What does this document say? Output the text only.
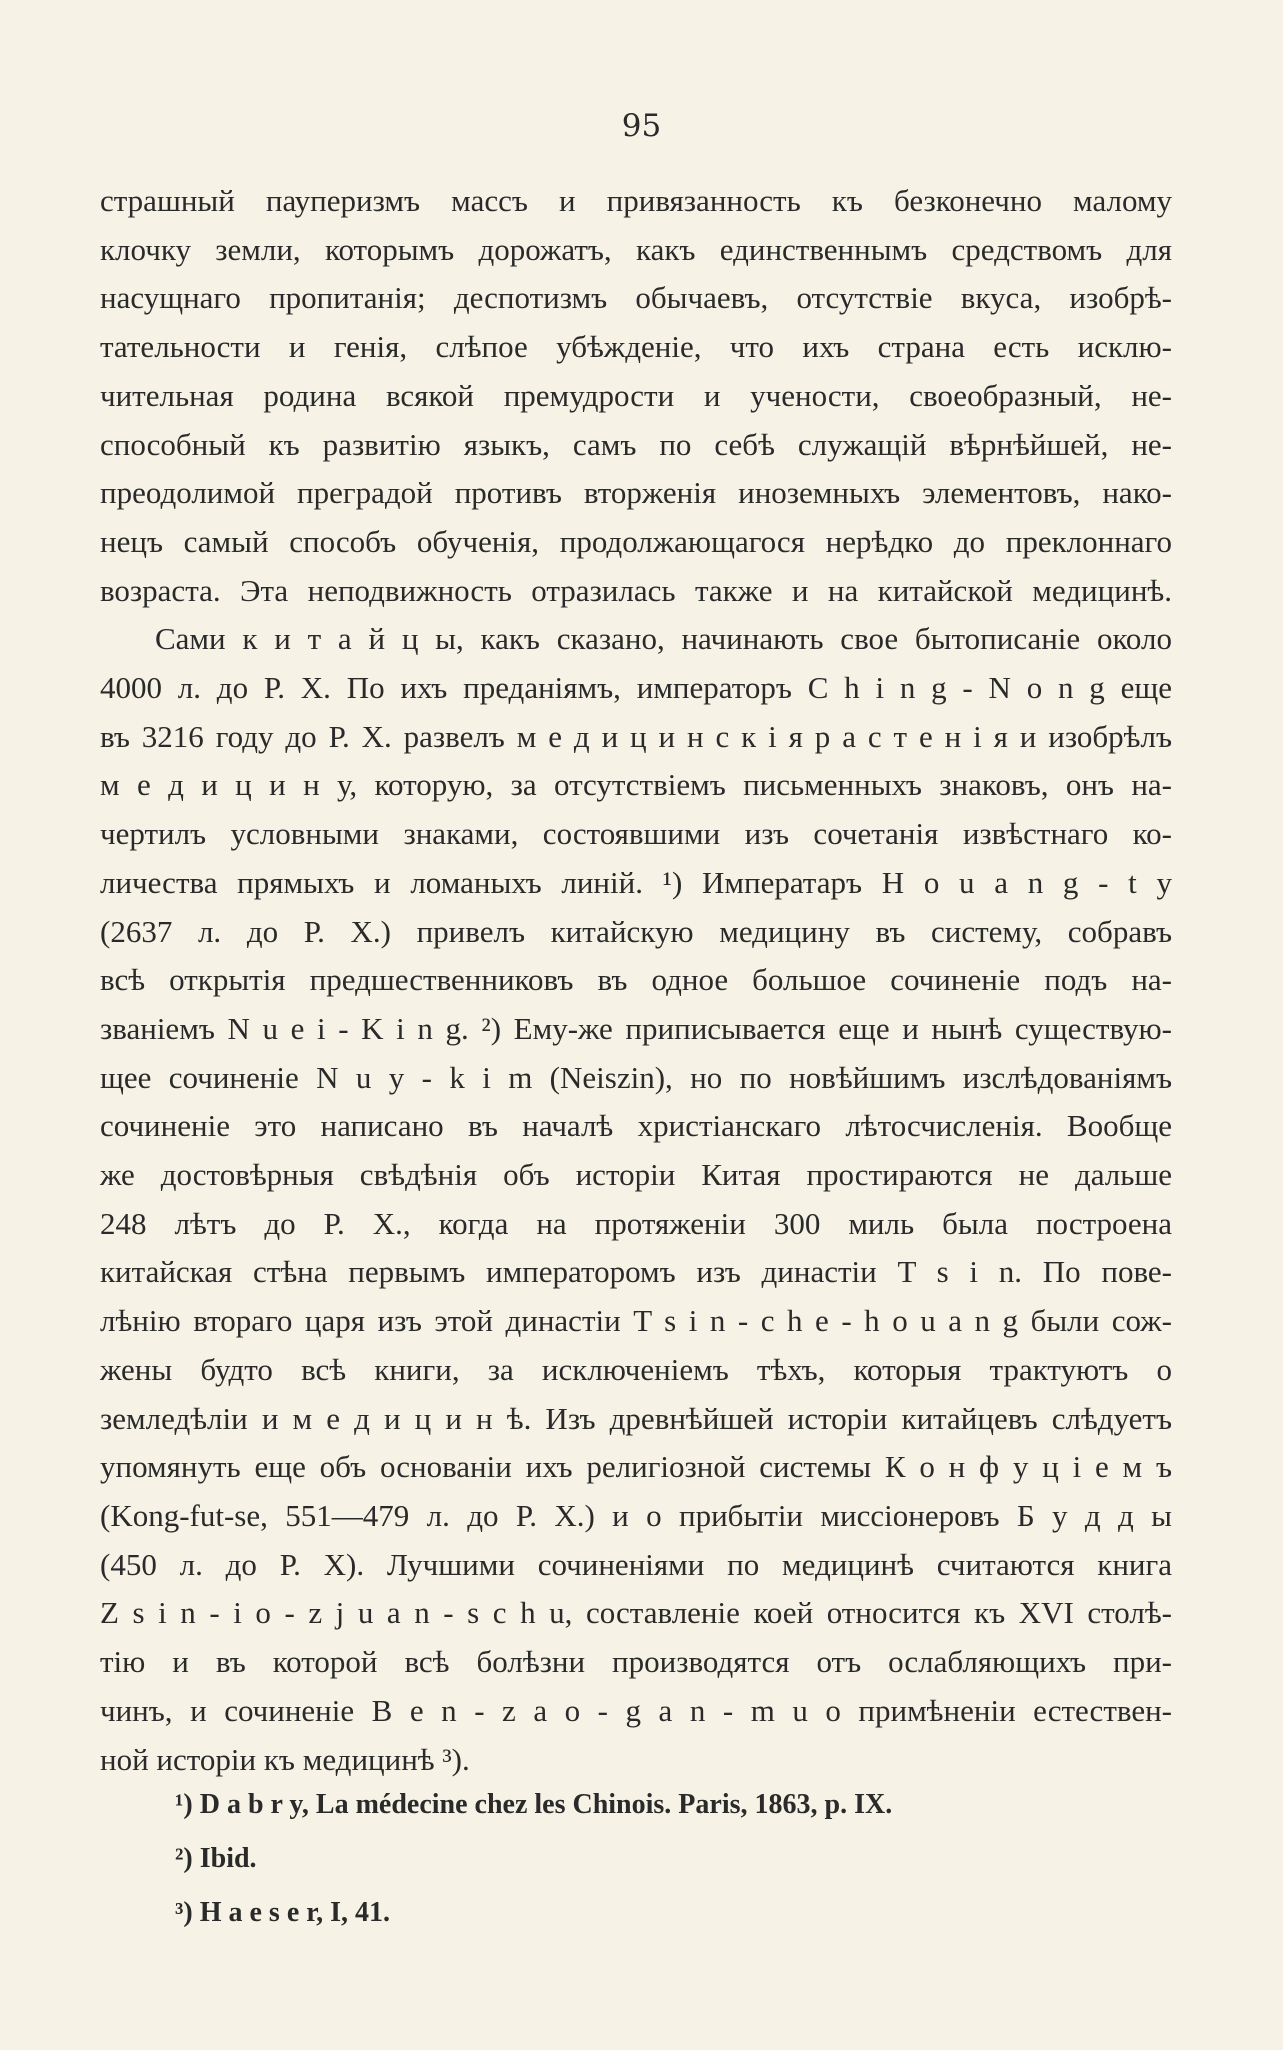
95
страшный пауперизмъ массъ и привязанность къ безконечно малому
клочку земли, которымъ дорожатъ, какъ единственнымъ средствомъ для
насущнаго пропитанія; деспотизмъ обычаевъ, отсутствіе вкуса, изобрѣ-
тательности и генія, слѣпое убѣжденіе, что ихъ страна есть исклю-
чительная родина всякой премудрости и учености, своеобразный, не-
способный къ развитію языкъ, самъ по себѣ служащій вѣрнѣйшей, не-
преодолимой преградой противъ вторженія иноземныхъ элементовъ, нако-
нецъ самый способъ обученія, продолжающагося нерѣдко до преклоннаго
возраста. Эта неподвижность отразилась также и на китайской медицинѣ.
Сами к и т а й ц ы, какъ сказано, начинають свое бытописаніе около
4000 л. до Р. Х. По ихъ преданіямъ, императоръ C h i n g - N o n g еще
въ 3216 году до Р. Х. развелъ м е д и ц и н с к і я р а с т е н і я и изобрѣлъ
м е д и ц и н у, которую, за отсутствіемъ письменныхъ знаковъ, онъ на-
чертилъ условными знаками, состоявшими изъ сочетанія извѣстнаго ко-
личества прямыхъ и ломаныхъ линій. ¹) Императаръ H o u a n g - t y
(2637 л. до Р. Х.) привелъ китайскую медицину въ систему, собравъ
всѣ открытія предшественниковъ въ одное большое сочиненіе подъ на-
званіемъ N u e i - K i n g. ²) Ему-же приписывается еще и нынѣ существую-
щее сочиненіе N u y - k i m (Neiszin), но по новѣйшимъ изслѣдованіямъ
сочиненіе это написано въ началѣ христіанскаго лѣтосчисленія. Вообще
же достовѣрныя свѣдѣнія объ исторіи Китая простираются не дальше
248 лѣтъ до Р. Х., когда на протяженіи 300 миль была построена
китайская стѣна первымъ императоромъ изъ династіи T s i n. По пове-
лѣнію втораго царя изъ этой династіи T s i n - c h e - h o u a n g были сож-
жены будто всѣ книги, за исключеніемъ тѣхъ, которыя трактуютъ о
земледѣліи и м е д и ц и н ѣ. Изъ древнѣйшей исторіи китайцевъ слѣдуетъ
упомянуть еще объ основаніи ихъ религіозной системы К о н ф у ц і е м ъ
(Kong-fut-se, 551—479 л. до Р. Х.) и о прибытіи миссіонеровъ Б у д д ы
(450 л. до Р. Х). Лучшими сочиненіями по медицинѣ считаются книга
Z s i n - i o - z j u a n - s c h u, составленіе коей относится къ XVI столѣ-
тію и въ которой всѣ болѣзни производятся отъ ослабляющихъ при-
чинъ, и сочиненіе B e n - z a o - g a n - m u о примѣненіи естествен-
ной исторіи къ медицинѣ ³).
¹) D a b r y, La médecine chez les Chinois. Paris, 1863, p. IX.
²) Ibid.
³) H a e s e r, I, 41.
